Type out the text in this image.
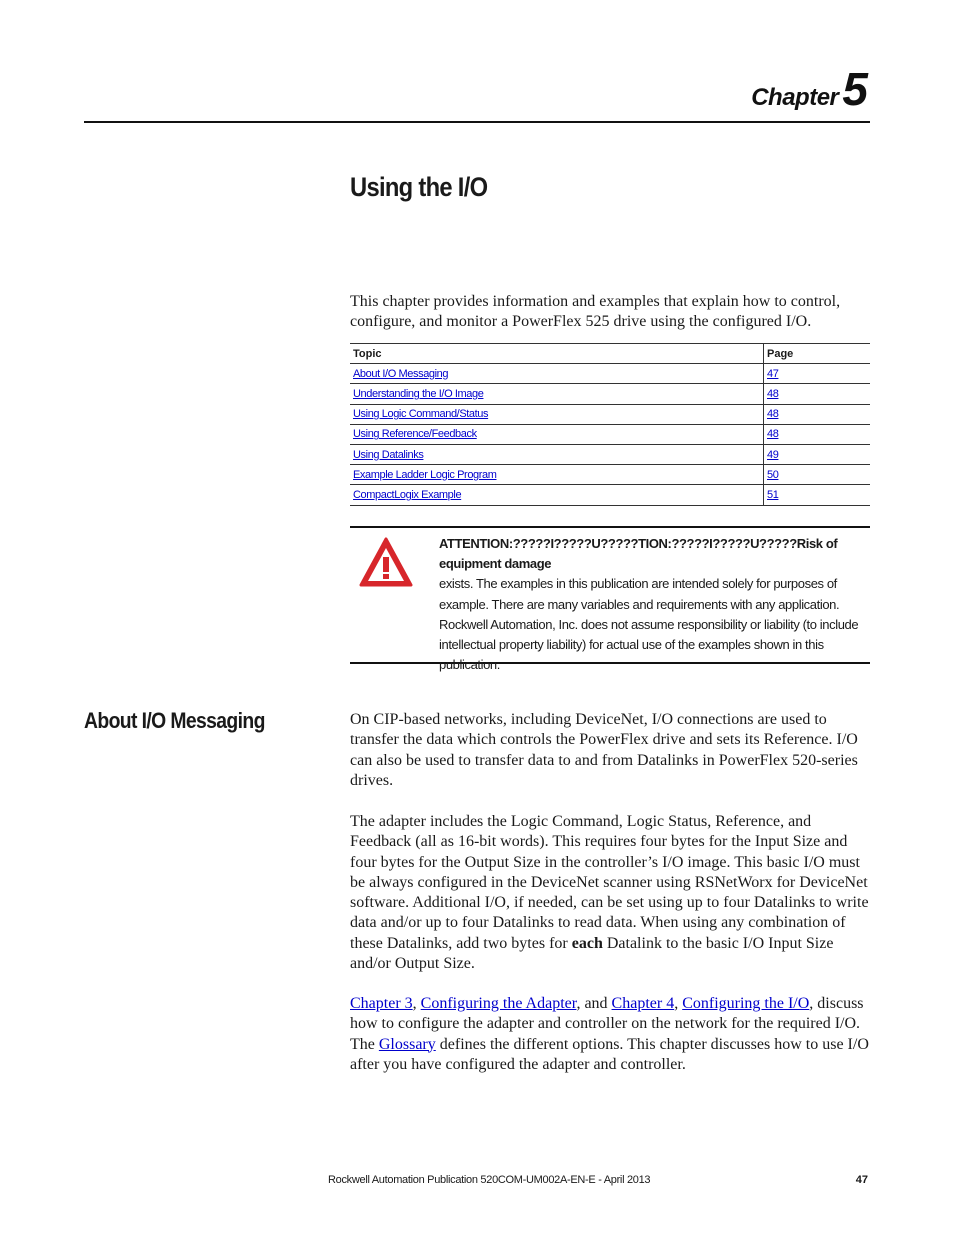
Chapter5
Using the I/O

This chapter provides information and examples that explain how to control, configure, and monitor a PowerFlex 525 drive using the configured I/O.

Topic	Page
About I/O Messaging	47
Understanding the I/O Image	48
Using Logic Command/Status	48
Using Reference/Feedback	48
Using Datalinks	49
Example Ladder Logic Program	50
CompactLogix Example	51
ATTENTION:?????I?????U?????TION:?????I?????U?????Risk of equipment damage
exists. The examples in this publication are intended solely for purposes of example. There are many variables and requirements with any application. Rockwell Automation, Inc. does not assume responsibility or liability (to include intellectual property liability) for actual use of the examples shown in this publication.
About I/O Messaging	On CIP-based networks, including DeviceNet, I/O connections are used to transfer the data which controls the PowerFlex drive and sets its Reference. I/O can also be used to transfer data to and from Datalinks in PowerFlex 520-series drives.

The adapter includes the Logic Command, Logic Status, Reference, and Feedback (all as 16-bit words). This requires four bytes for the Input Size and four bytes for the Output Size in the controller’s I/O image. This basic I/O must be always configured in the DeviceNet scanner using RSNetWorx for DeviceNet software. Additional I/O, if needed, can be set using up to four Datalinks to write data and/or up to four Datalinks to read data. When using any combination of these Datalinks, add two bytes for each Datalink to the basic I/O Input Size and/or Output Size.

Chapter 3, Configuring the Adapter, and Chapter 4, Configuring the I/O, discuss how to configure the adapter and controller on the network for the required I/O. The Glossary defines the different options. This chapter discusses how to use I/O after you have configured the adapter and controller.

Rockwell Automation Publication 520COM-UM002A-EN-E - April 2013	47
